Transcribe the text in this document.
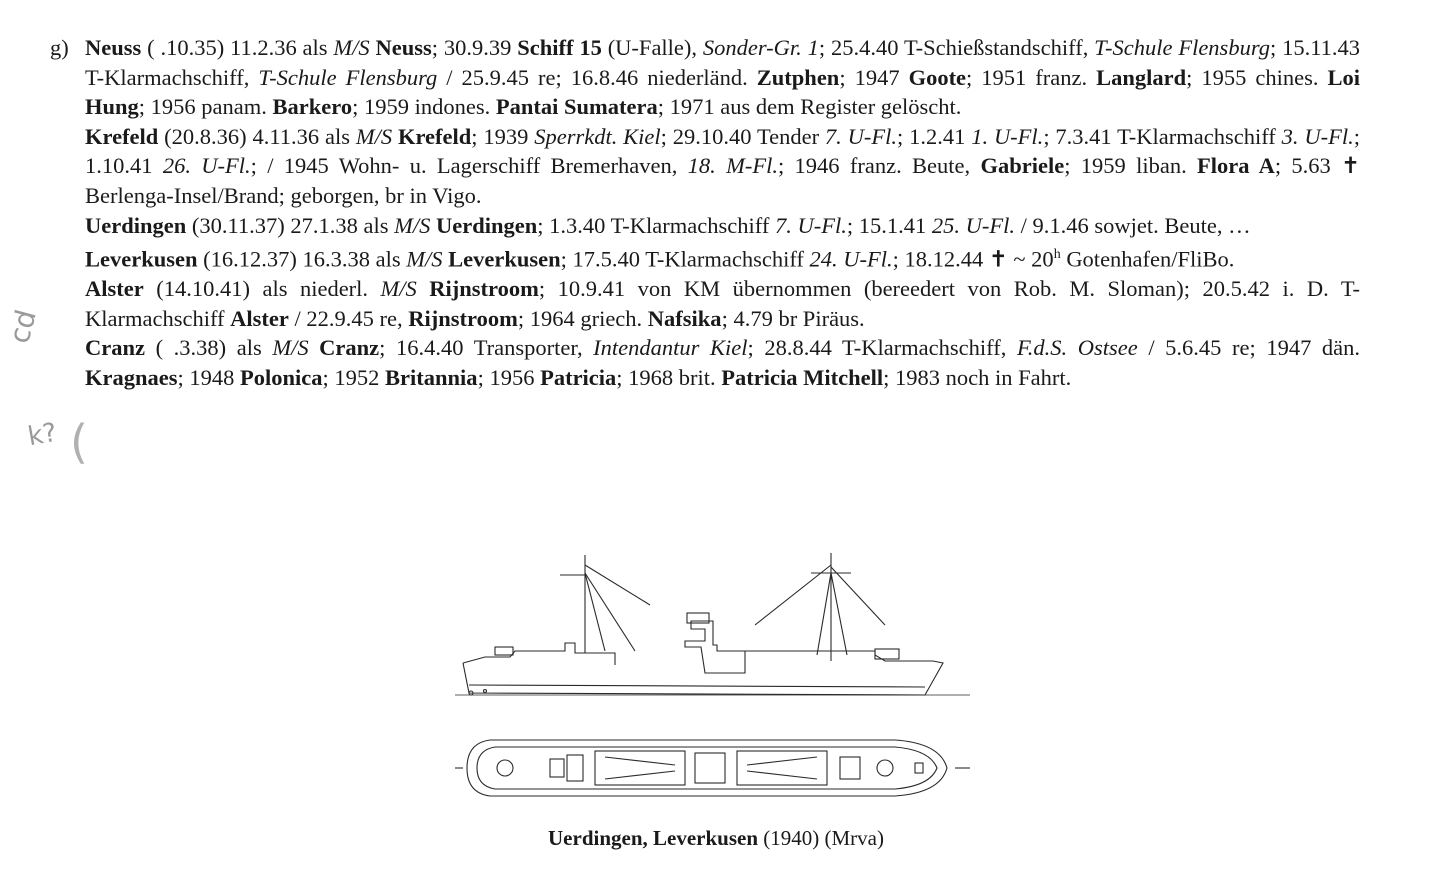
g)
cd
k? (

Neuss ( .10.35) 11.2.36 als M/S Neuss; 30.9.39 Schiff 15 (U-Falle), Sonder-Gr. 1; 25.4.40 T-Schießstandschiff, T-Schule Flensburg; 15.11.43 T-Klarmachschiff, T-Schule Flensburg / 25.9.45 re; 16.8.46 niederländ. Zutphen; 1947 Goote; 1951 franz. Langlard; 1955 chines. Loi Hung; 1956 panam. Barkero; 1959 indones. Pantai Sumatera; 1971 aus dem Register gelöscht.

Krefeld (20.8.36) 4.11.36 als M/S Krefeld; 1939 Sperrkdt. Kiel; 29.10.40 Tender 7. U-Fl.; 1.2.41 1. U-Fl.; 7.3.41 T-Klarmachschiff 3. U-Fl.; 1.10.41 26. U-Fl.; / 1945 Wohn- u. Lagerschiff Bremerhaven, 18. M-Fl.; 1946 franz. Beute, Gabriele; 1959 liban. Flora A; 5.63 ✝ Berlenga-Insel/Brand; geborgen, br in Vigo.

Uerdingen (30.11.37) 27.1.38 als M/S Uerdingen; 1.3.40 T-Klarmachschiff 7. U-Fl.; 15.1.41 25. U-Fl. / 9.1.46 sowjet. Beute, …

Leverkusen (16.12.37) 16.3.38 als M/S Leverkusen; 17.5.40 T-Klarmachschiff 24. U-Fl.; 18.12.44 ✝ ~ 20$^h$ Gotenhafen/FliBo.

Alster (14.10.41) als niederl. M/S Rijnstroom; 10.9.41 von KM übernommen (bereedert von Rob. M. Sloman); 20.5.42 i. D. T-Klarmachschiff Alster / 22.9.45 re, Rijnstroom; 1964 griech. Nafsika; 4.79 br Piräus.

Cranz ( .3.38) als M/S Cranz; 16.4.40 Transporter, Intendantur Kiel; 28.8.44 T-Klarmachschiff, F.d.S. Ostsee / 5.6.45 re; 1947 dän. Kragnaes; 1948 Polonica; 1952 Britannia; 1956 Patricia; 1968 brit. Patricia Mitchell; 1983 noch in Fahrt.

Uerdingen, Leverkusen (1940) (Mrva)
